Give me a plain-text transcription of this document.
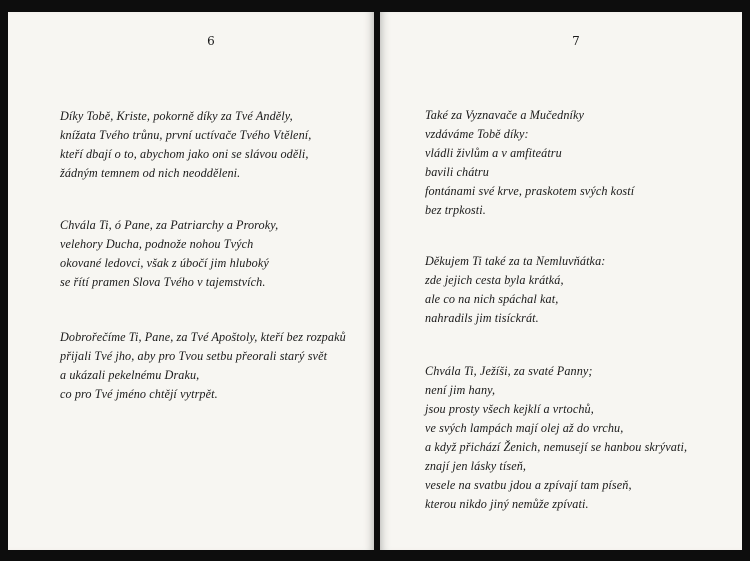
6
Díky Tobě, Kriste, pokorně díky za Tvé Anděly,
knížata Tvého trůnu, první uctívače Tvého Vtělení,
kteří dbají o to, abychom jako oni se slávou oděli,
žádným temnem od nich neodděleni.
Chvála Ti, ó Pane, za Patriarchy a Proroky,
velehory Ducha, podnože nohou Tvých
okované ledovci, však z úbočí jim hluboký
se řítí pramen Slova Tvého v tajemstvích.
Dobrořečíme Ti, Pane, za Tvé Apoštoly, kteří bez rozpaků
přijali Tvé jho, aby pro Tvou setbu přeorali starý svět
a ukázali pekelnému Draku,
co pro Tvé jméno chtějí vytrpět.
7
Také za Vyznavače a Mučedníky
vzdáváme Tobě díky:
vládli živlům a v amfiteátru
bavili chátru
fontánami své krve, praskotem svých kostí
bez trpkosti.
Děkujem Ti také za ta Nemluvňátka:
zde jejich cesta byla krátká,
ale co na nich spáchal kat,
nahradils jim tisíckrát.
Chvála Ti, Ježíši, za svaté Panny;
není jim hany,
jsou prosty všech kejklí a vrtochů,
ve svých lampách mají olej až do vrchu,
a když přichází Ženich, nemusejí se hanbou skrývati,
znají jen lásky tíseň,
vesele na svatbu jdou a zpívají tam píseň,
kterou nikdo jiný nemůže zpívati.
